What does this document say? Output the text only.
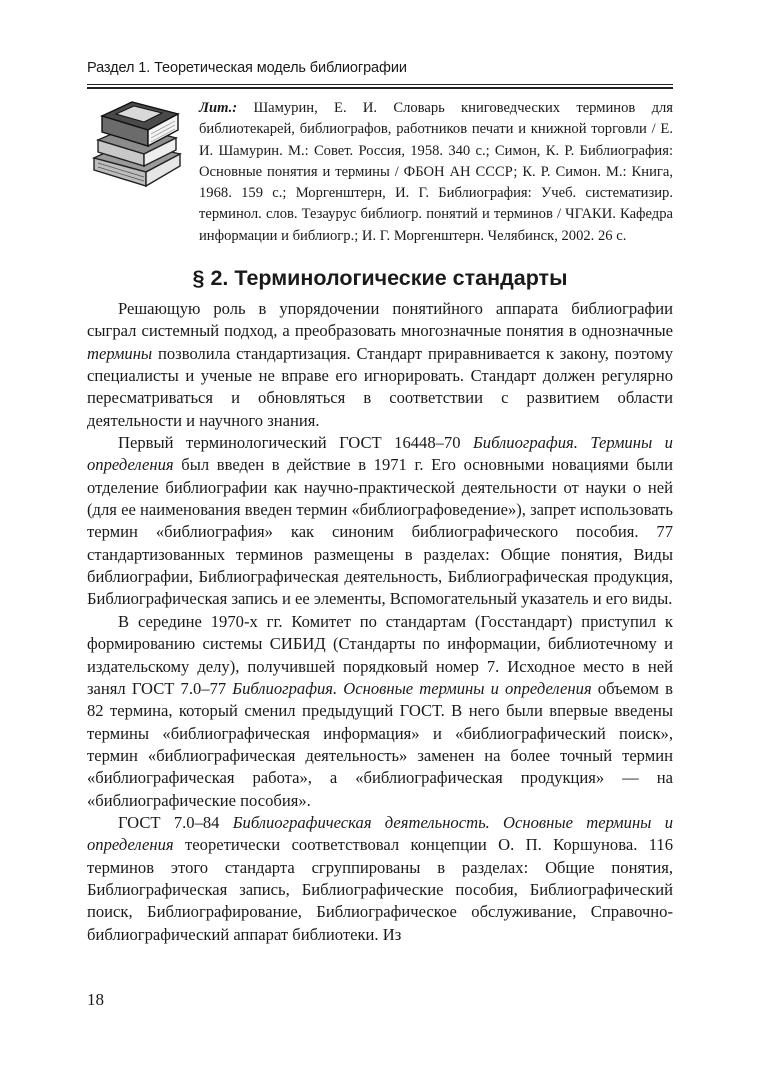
Раздел 1. Теоретическая модель библиографии
Лит.: Шамурин, Е. И. Словарь книговедческих терминов для библиотекарей, библиографов, работников печати и книжной торговли / Е. И. Шамурин. М.: Совет. Россия, 1958. 340 с.; Симон, К. Р. Библиография: Основные понятия и термины / ФБОН АН СССР; К. Р. Симон. М.: Книга, 1968. 159 с.; Моргенштерн, И. Г. Библиография: Учеб. систематизир. терминол. слов. Тезаурус библиогр. понятий и терминов / ЧГАКИ. Кафедра информации и библиогр.; И. Г. Моргенштерн. Челябинск, 2002. 26 с.
§ 2. Терминологические стандарты

Решающую роль в упорядочении понятийного аппарата библиографии сыграл системный подход, а преобразовать многозначные понятия в однозначные термины позволила стандартизация. Стандарт приравнивается к закону, поэтому специалисты и ученые не вправе его игнорировать. Стандарт должен регулярно пересматриваться и обновляться в соответствии с развитием области деятельности и научного знания.

Первый терминологический ГОСТ 16448–70 Библиография. Термины и определения был введен в действие в 1971 г. Его основными новациями были отделение библиографии как научно-практической деятельности от науки о ней (для ее наименования введен термин «библиографоведение»), запрет использовать термин «библиография» как синоним библиографического пособия. 77 стандартизованных терминов размещены в разделах: Общие понятия, Виды библиографии, Библиографическая деятельность, Библиографическая продукция, Библиографическая запись и ее элементы, Вспомогательный указатель и его виды.

В середине 1970-х гг. Комитет по стандартам (Госстандарт) приступил к формированию системы СИБИД (Стандарты по информации, библиотечному и издательскому делу), получившей порядковый номер 7. Исходное место в ней занял ГОСТ 7.0–77 Библиография. Основные термины и определения объемом в 82 термина, который сменил предыдущий ГОСТ. В него были впервые введены термины «библиографическая информация» и «библиографический поиск», термин «библиографическая деятельность» заменен на более точный термин «библиографическая работа», а «библиографическая продукция» — на «библиографические пособия».

ГОСТ 7.0–84 Библиографическая деятельность. Основные термины и определения теоретически соответствовал концепции О. П. Коршунова. 116 терминов этого стандарта сгруппированы в разделах: Общие понятия, Библиографическая запись, Библиографические пособия, Библиографический поиск, Библиографирование, Библиографическое обслуживание, Справочно-библиографический аппарат библиотеки. Из

18
